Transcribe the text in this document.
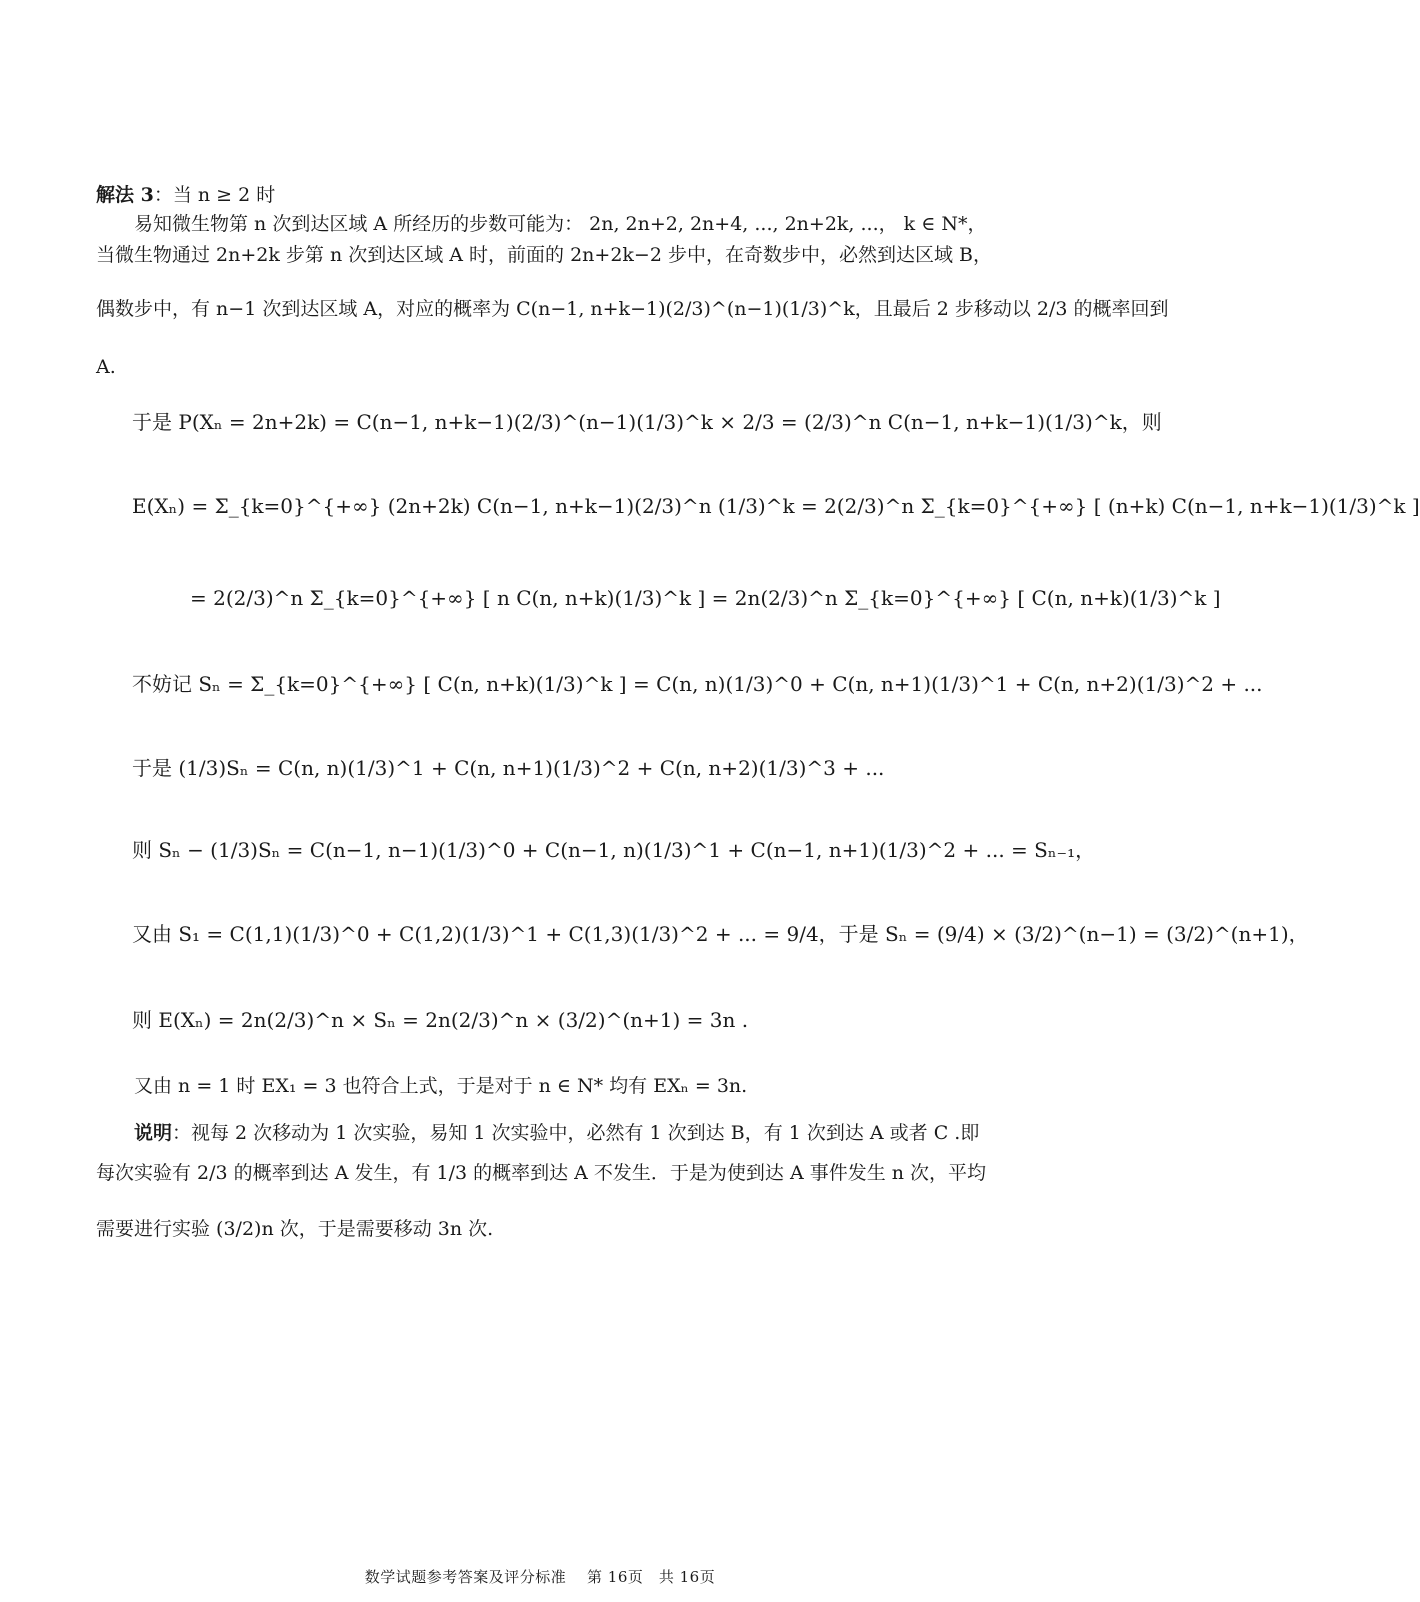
解法 3：当 n ≥ 2 时
易知微生物第 n 次到达区域 A 所经历的步数可能为： 2n, 2n+2, 2n+4, ..., 2n+2k, ...， k ∈ N*，
当微生物通过 2n+2k 步第 n 次到达区域 A 时，前面的 2n+2k−2 步中，在奇数步中，必然到达区域 B，
偶数步中，有 n−1 次到达区域 A，对应的概率为 C(n−1, n+k−1)(2/3)^(n−1)(1/3)^k，且最后 2 步移动以 2/3 的概率回到
A.
于是 P(Xₙ = 2n+2k) = C(n−1, n+k−1)(2/3)^(n−1)(1/3)^k × 2/3 = (2/3)^n C(n−1, n+k−1)(1/3)^k，则
E(Xₙ) = Σ_{k=0}^{+∞} (2n+2k) C(n−1, n+k−1)(2/3)^n (1/3)^k = 2(2/3)^n Σ_{k=0}^{+∞} [ (n+k) C(n−1, n+k−1)(1/3)^k ]
= 2(2/3)^n Σ_{k=0}^{+∞} [ n C(n, n+k)(1/3)^k ] = 2n(2/3)^n Σ_{k=0}^{+∞} [ C(n, n+k)(1/3)^k ]
不妨记 Sₙ = Σ_{k=0}^{+∞} [ C(n, n+k)(1/3)^k ] = C(n, n)(1/3)^0 + C(n, n+1)(1/3)^1 + C(n, n+2)(1/3)^2 + ...
于是 (1/3)Sₙ = C(n, n)(1/3)^1 + C(n, n+1)(1/3)^2 + C(n, n+2)(1/3)^3 + ...
则 Sₙ − (1/3)Sₙ = C(n−1, n−1)(1/3)^0 + C(n−1, n)(1/3)^1 + C(n−1, n+1)(1/3)^2 + ... = Sₙ₋₁，
又由 S₁ = C(1,1)(1/3)^0 + C(1,2)(1/3)^1 + C(1,3)(1/3)^2 + ... = 9/4，于是 Sₙ = (9/4) × (3/2)^(n−1) = (3/2)^(n+1)，
则 E(Xₙ) = 2n(2/3)^n × Sₙ = 2n(2/3)^n × (3/2)^(n+1) = 3n .
又由 n = 1 时 EX₁ = 3 也符合上式，于是对于 n ∈ N* 均有 EXₙ = 3n.
说明：视每 2 次移动为 1 次实验，易知 1 次实验中，必然有 1 次到达 B，有 1 次到达 A 或者 C .即
每次实验有 2/3 的概率到达 A 发生，有 1/3 的概率到达 A 不发生．于是为使到达 A 事件发生 n 次，平均
需要进行实验 (3/2)n 次，于是需要移动 3n 次.
数学试题参考答案及评分标准　 第 16页　共 16页
